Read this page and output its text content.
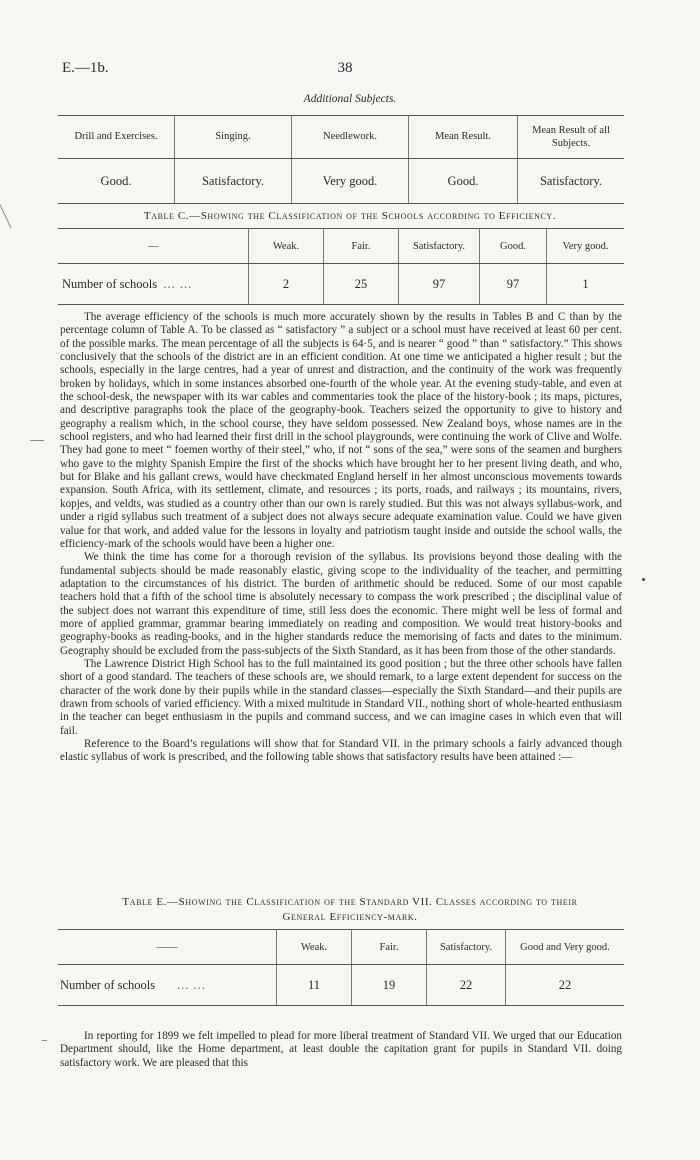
E.—1b.	38
Additional Subjects.
Drill and Exercises.	Singing.	Needlework.	Mean Result.	Mean Result of all Subjects.
Good.	Satisfactory.	Very good.	Good.	Satisfactory.
Table C.—Showing the Classification of the Schools according to Efficiency.
—	Weak.	Fair.	Satisfactory.	Good.	Very good.
Number of schools ... ...	2	25	97	97	1

The average efficiency of the schools is much more accurately shown by the results in Tables B and C than by the percentage column of Table A. To be classed as “ satisfactory ” a subject or a school must have received at least 60 per cent. of the possible marks. The mean percentage of all the subjects is 64·5, and is nearer “ good ” than “ satisfactory.” This shows conclusively that the schools of the district are in an efficient condition. At one time we anticipated a higher result ; but the schools, especially in the large centres, had a year of unrest and distraction, and the continuity of the work was frequently broken by holidays, which in some instances absorbed one-fourth of the whole year. At the evening study-table, and even at the school-desk, the newspaper with its war cables and commentaries took the place of the history-book ; its maps, pictures, and descriptive paragraphs took the place of the geography-book. Teachers seized the opportunity to give to history and geography a realism which, in the school course, they have seldom possessed. New Zealand boys, whose names are in the school registers, and who had learned their first drill in the school playgrounds, were continuing the work of Clive and Wolfe. They had gone to meet “ foemen worthy of their steel,” who, if not “ sons of the sea,” were sons of the seamen and burghers who gave to the mighty Spanish Empire the first of the shocks which have brought her to her present living death, and who, but for Blake and his gallant crews, would have checkmated England herself in her almost unconscious movements towards expansion. South Africa, with its settlement, climate, and resources ; its ports, roads, and railways ; its mountains, rivers, kopjes, and veldts, was studied as a country other than our own is rarely studied. But this was not always syllabus-work, and under a rigid syllabus such treatment of a subject does not always secure adequate examination value. Could we have given value for that work, and added value for the lessons in loyalty and patriotism taught inside and outside the school walls, the efficiency-mark of the schools would have been a higher one.

We think the time has come for a thorough revision of the syllabus. Its provisions beyond those dealing with the fundamental subjects should be made reasonably elastic, giving scope to the individuality of the teacher, and permitting adaptation to the circumstances of his district. The burden of arithmetic should be reduced. Some of our most capable teachers hold that a fifth of the school time is absolutely necessary to compass the work prescribed ; the disciplinal value of the subject does not warrant this expenditure of time, still less does the economic. There might well be less of formal and more of applied grammar, grammar bearing immediately on reading and composition. We would treat history-books and geography-books as reading-books, and in the higher standards reduce the memorising of facts and dates to the minimum. Geography should be excluded from the pass-subjects of the Sixth Standard, as it has been from those of the other standards.

The Lawrence District High School has to the full maintained its good position ; but the three other schools have fallen short of a good standard. The teachers of these schools are, we should remark, to a large extent dependent for success on the character of the work done by their pupils while in the standard classes—especially the Sixth Standard—and their pupils are drawn from schools of varied efficiency. With a mixed multitude in Standard VII., nothing short of whole-hearted enthusiasm in the teacher can beget enthusiasm in the pupils and command success, and we can imagine cases in which even that will fail.

Reference to the Board’s regulations will show that for Standard VII. in the primary schools a fairly advanced though elastic syllabus of work is prescribed, and the following table shows that satisfactory results have been attained :—

Table E.—Showing the Classification of the Standard VII. Classes according to their
General Efficiency-mark.
——	Weak.	Fair.	Satisfactory.	Good and Very good.
Number of schools ... ...	11	19	22	22

In reporting for 1899 we felt impelled to plead for more liberal treatment of Standard VII. We urged that our Education Department should, like the Home department, at least double the capitation grant for pupils in Standard VII. doing satisfactory work. We are pleased that this
